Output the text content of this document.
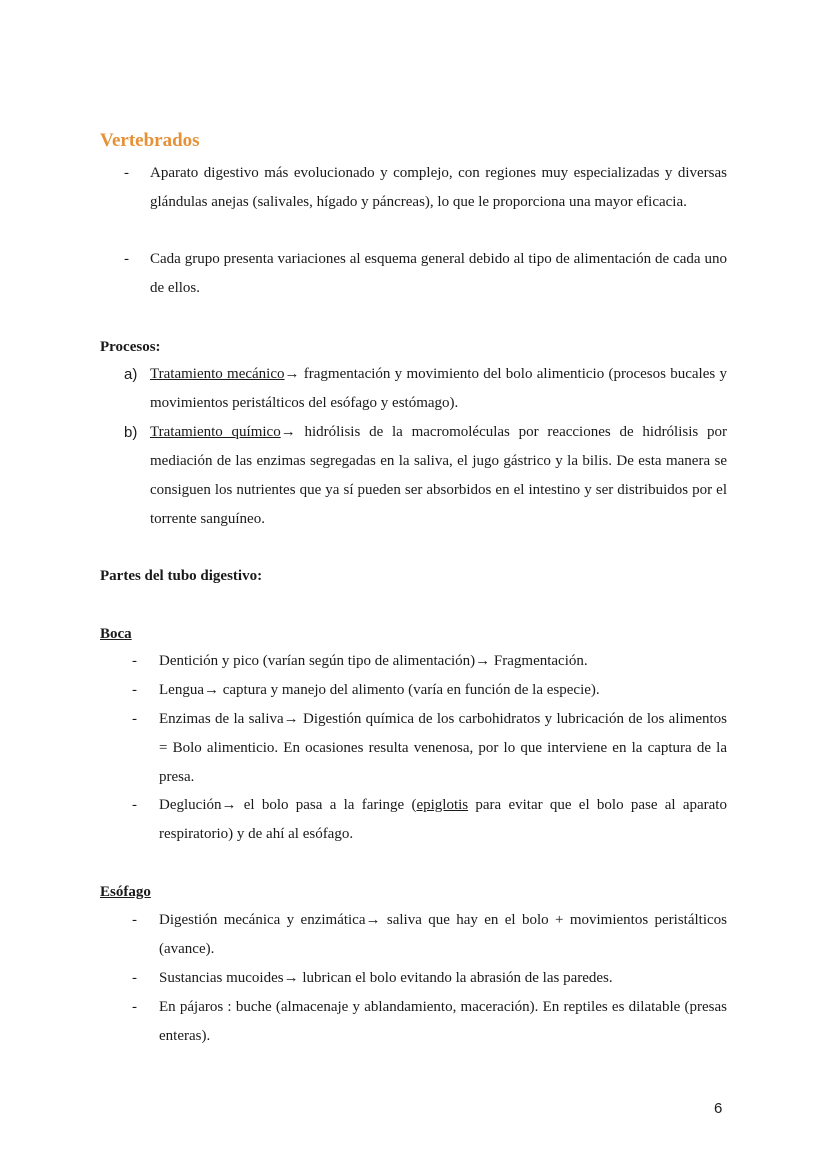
Vertebrados
- Aparato digestivo más evolucionado y complejo, con regiones muy especializadas y diversas glándulas anejas (salivales, hígado y páncreas), lo que le proporciona una mayor eficacia.
- Cada grupo presenta variaciones al esquema general debido al tipo de alimentación de cada uno de ellos.
Procesos:
a) Tratamiento mecánico→ fragmentación y movimiento del bolo alimenticio (procesos bucales y movimientos peristálticos del esófago y estómago).
b) Tratamiento químico→ hidrólisis de la macromoléculas por reacciones de hidrólisis por mediación de las enzimas segregadas en la saliva, el jugo gástrico y la bilis. De esta manera se consiguen los nutrientes que ya sí pueden ser absorbidos en el intestino y ser distribuidos por el torrente sanguíneo.
Partes del tubo digestivo:
Boca
- Dentición y pico (varían según tipo de alimentación)→ Fragmentación.
- Lengua→ captura y manejo del alimento (varía en función de la especie).
- Enzimas de la saliva→ Digestión química de los carbohidratos y lubricación de los alimentos = Bolo alimenticio. En ocasiones resulta venenosa, por lo que interviene en la captura de la presa.
- Deglución→ el bolo pasa a la faringe (epiglotis para evitar que el bolo pase al aparato respiratorio) y de ahí al esófago.
Esófago
- Digestión mecánica y enzimática→ saliva que hay en el bolo + movimientos peristálticos (avance).
- Sustancias mucoides→ lubrican el bolo evitando la abrasión de las paredes.
- En pájaros : buche (almacenaje y ablandamiento, maceración). En reptiles es dilatable (presas enteras).
6
